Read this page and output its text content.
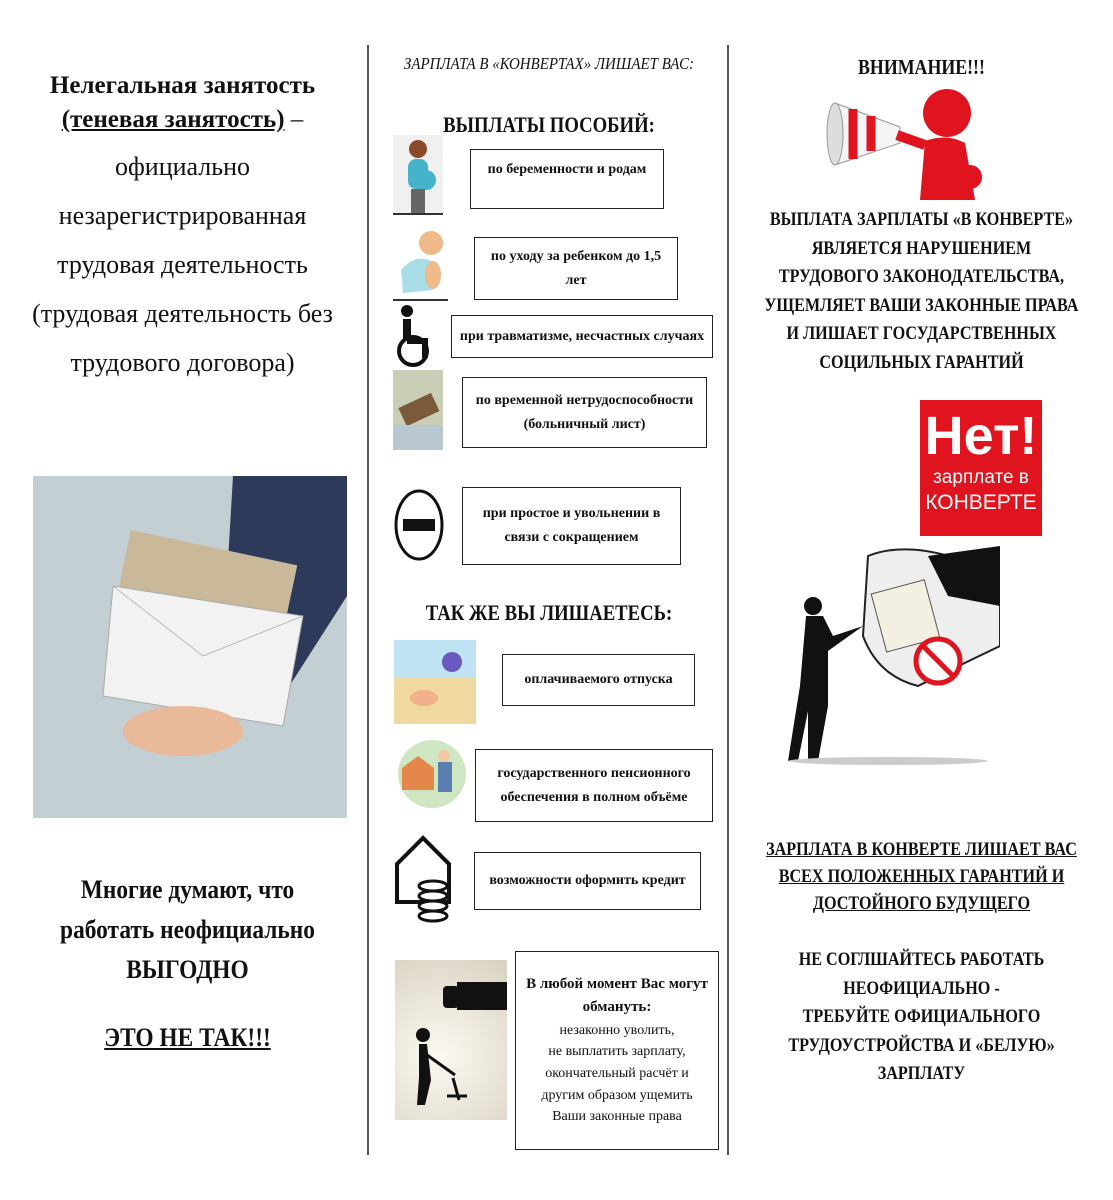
Нелегальная занятость
(теневая занятость) –
официально
незарегистрированная
трудовая деятельность
(трудовая деятельность без
трудового договора)
Многие думают, что
работать неофициально
ВЫГОДНО
ЭТО НЕ ТАК!!!
ЗАРПЛАТА В «КОНВЕРТАХ» ЛИШАЕТ ВАС:
ВЫПЛАТЫ ПОСОБИЙ:
по беременности и родам
по уходу за ребенком до 1,5 лет
при травматизме, несчастных случаях
по временной нетрудоспособности (больничный лист)
при простое и увольнении в связи с сокращением
ТАК ЖЕ ВЫ ЛИШАЕТЕСЬ:
оплачиваемого отпуска
государственного пенсионного обеспечения в полном объёме
возможности оформить кредит
В любой момент Вас могут обмануть:
незаконно уволить,
не выплатить зарплату,
окончательный расчёт и
другим образом ущемить
Ваши законные права
ВНИМАНИЕ!!!
ВЫПЛАТА ЗАРПЛАТЫ «В КОНВЕРТЕ»
ЯВЛЯЕТСЯ НАРУШЕНИЕМ
ТРУДОВОГО ЗАКОНОДАТЕЛЬСТВА,
УЩЕМЛЯЕТ ВАШИ ЗАКОННЫЕ ПРАВА
И ЛИШАЕТ ГОСУДАРСТВЕННЫХ
СОЦИЛЬНЫХ ГАРАНТИЙ
Нет!
зарплате в
КОНВЕРТЕ
ЗАРПЛАТА В КОНВЕРТЕ ЛИШАЕТ ВАС
ВСЕХ ПОЛОЖЕННЫХ ГАРАНТИЙ И
ДОСТОЙНОГО БУДУЩЕГО
НЕ СОГЛШАЙТЕСЬ РАБОТАТЬ
НЕОФИЦИАЛЬНО -
ТРЕБУЙТЕ ОФИЦИАЛЬНОГО
ТРУДОУСТРОЙСТВА И «БЕЛУЮ»
ЗАРПЛАТУ
